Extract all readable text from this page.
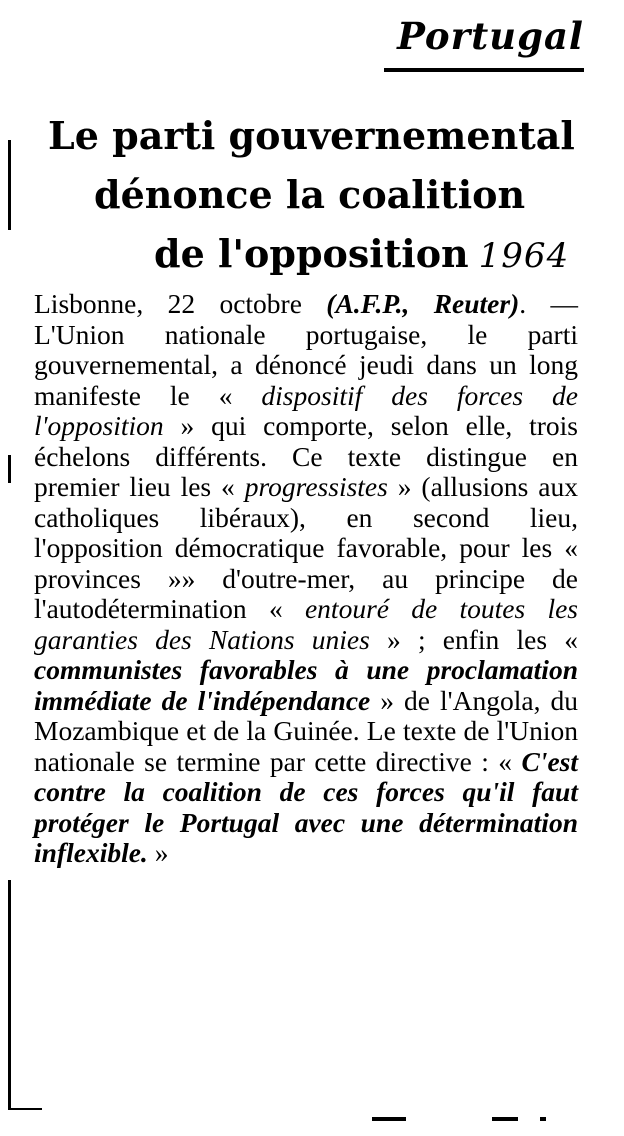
Portugal
Le parti gouvernemental
dénonce la coalition
de l'opposition 1964
Lisbonne, 22 octobre (A.F.P., Reuter). — L'Union nationale portugaise, le parti gouvernemental, a dénoncé jeudi dans un long manifeste le « dispositif des forces de l'opposition » qui comporte, selon elle, trois échelons différents. Ce texte distingue en premier lieu les « progressistes » (allusions aux catholiques libéraux), en second lieu, l'opposition démocratique favorable, pour les « provinces »» d'outre-mer, au principe de l'autodétermination « entouré de toutes les garanties des Nations unies » ; enfin les « communistes favorables à une proclamation immédiate de l'indépendance » de l'Angola, du Mozambique et de la Guinée. Le texte de l'Union nationale se termine par cette directive : « C'est contre la coalition de ces forces qu'il faut protéger le Portugal avec une détermination inflexible. »
